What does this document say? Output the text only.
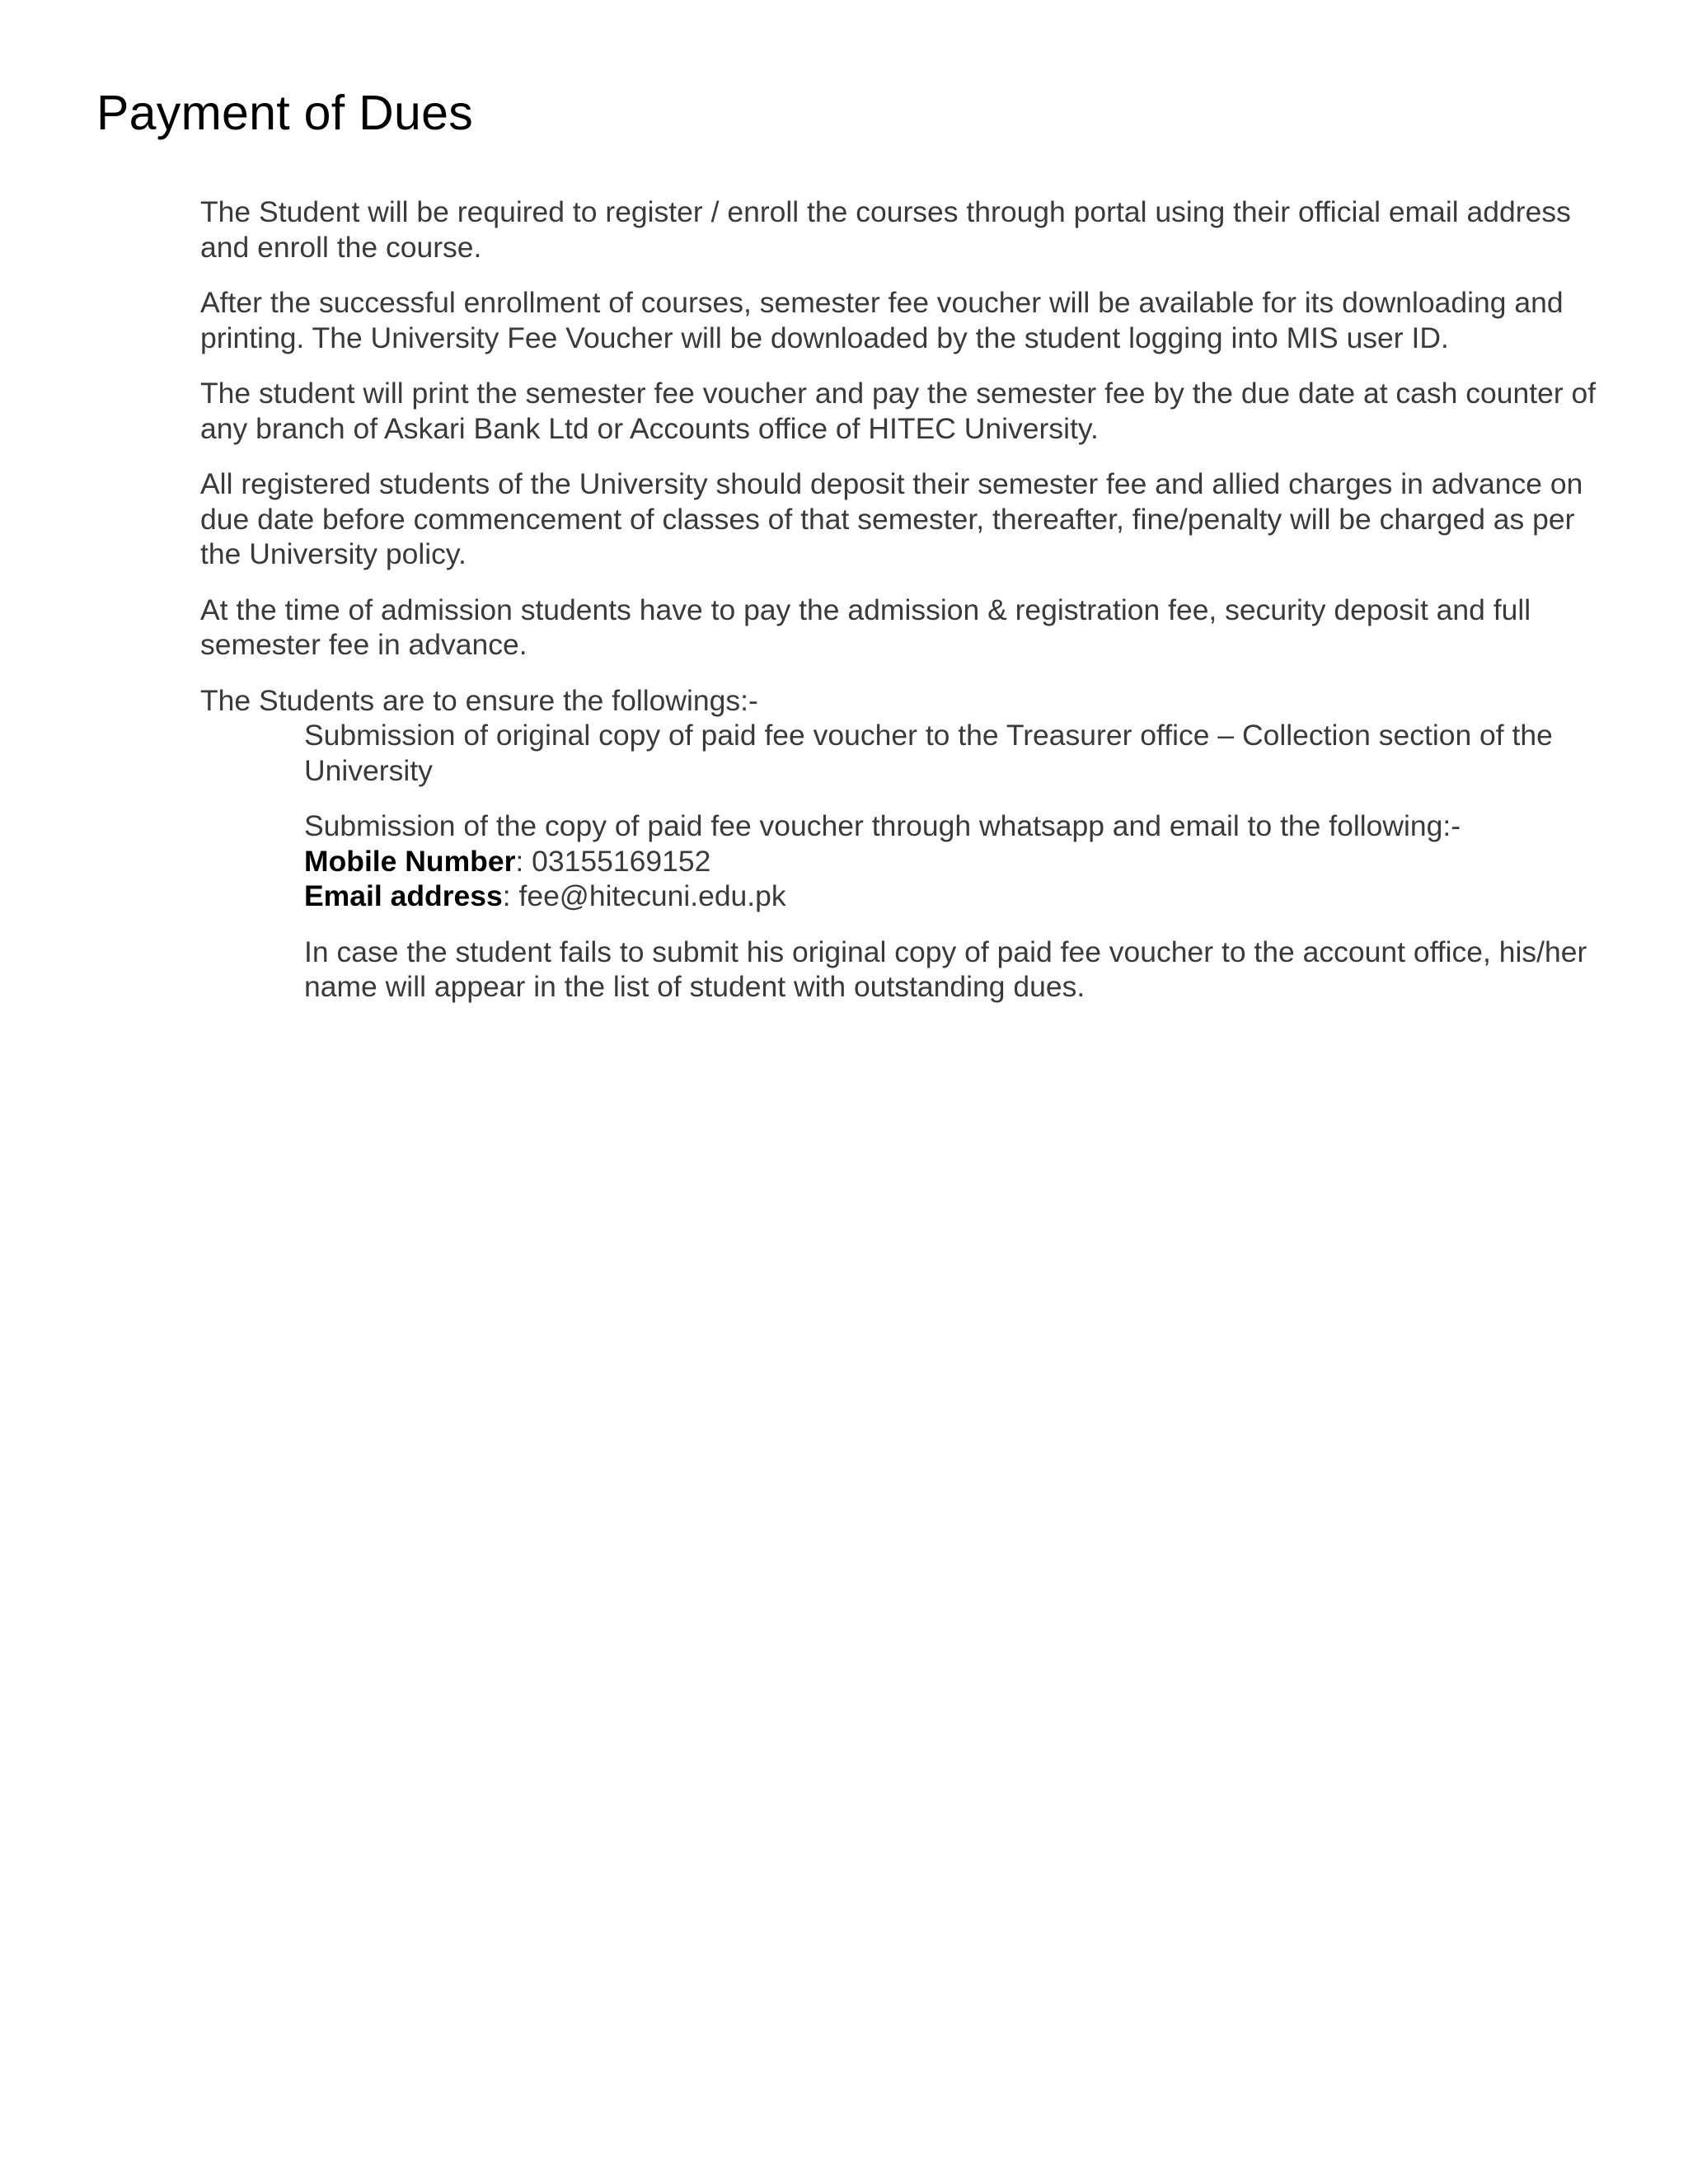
Payment of Dues

The Student will be required to register / enroll the courses through portal using their official email address and enroll the course.

After the successful enrollment of courses, semester fee voucher will be available for its downloading and printing. The University Fee Voucher will be downloaded by the student logging into MIS user ID.

The student will print the semester fee voucher and pay the semester fee by the due date at cash counter of any branch of Askari Bank Ltd or Accounts office of HITEC University.

All registered students of the University should deposit their semester fee and allied charges in advance on due date before commencement of classes of that semester, thereafter, fine/penalty will be charged as per the University policy.

At the time of admission students have to pay the admission & registration fee, security deposit and full semester fee in advance.

The Students are to ensure the followings:-

Submission of original copy of paid fee voucher to the Treasurer office – Collection section of the University
Submission of the copy of paid fee voucher through whatsapp and email to the following:-
Mobile Number: 03155169152
Email address: fee@hitecuni.edu.pk
In case the student fails to submit his original copy of paid fee voucher to the account office, his/her name will appear in the list of student with outstanding dues.
